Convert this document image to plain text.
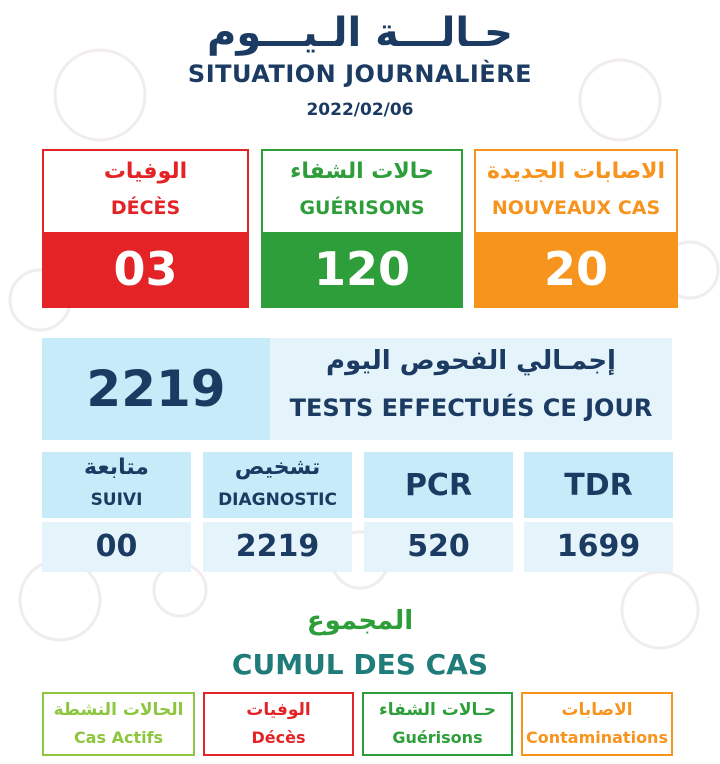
حـالـــة الـيـــوم
SITUATION JOURNALIÈRE
2022/02/06
الوفيات
DÉCÈS
03
حالات الشفاء
GUÉRISONS
120
الاصابات الجديدة
NOUVEAUX CAS
20
2219	إجمـالي الفحوص اليوم
TESTS EFFECTUÉS CE JOUR
متابعة
SUIVI
00
تشخيص
DIAGNOSTIC
2219
PCR
520
TDR
1699
المجموع
CUMUL DES CAS
الحالات النشطة
Cas Actifs
الوفيات
Décès
حـالات الشفاء
Guérisons
الاصابات
Contaminations
